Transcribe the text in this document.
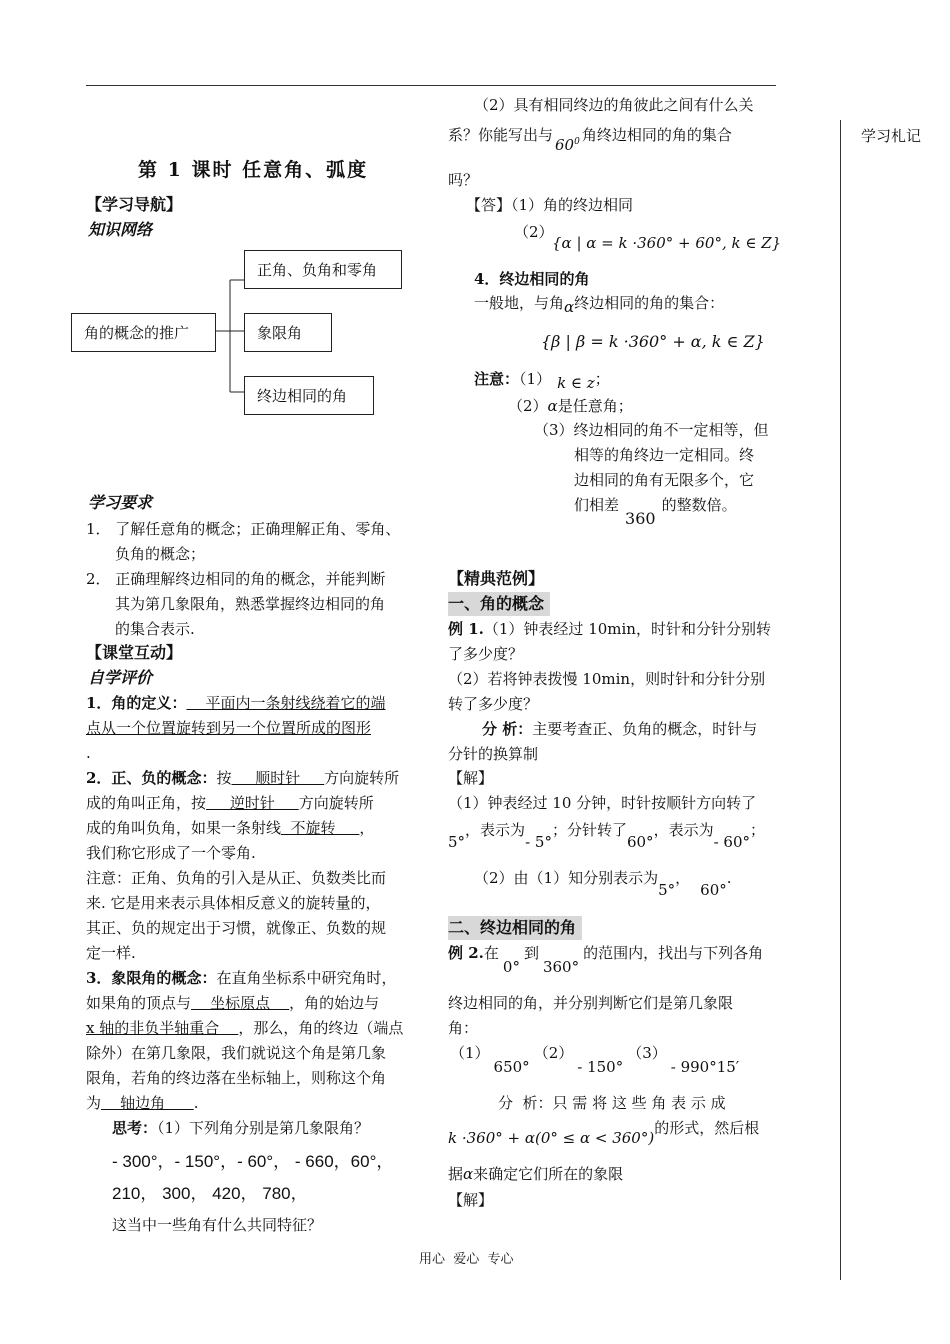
学习札记
第 1 课时 任意角、弧度
【学习导航】
知识网络
角的概念的推广
正角、负角和零角
象限角
终边相同的角
学习要求
1． 了解任意角的概念；正确理解正角、零角、
负角的概念；
2． 正确理解终边相同的角的概念，并能判断
其为第几象限角，熟悉掌握终边相同的角
的集合表示.
【课堂互动】
自学评价
1．角的定义：    平面内一条射线绕着它的端
点从一个位置旋转到另一个位置所成的图形
.
2．正、负的概念：按     顺时针     方向旋转所
成的角叫正角，按     逆时针     方向旋转所
成的角叫负角，如果一条射线  不旋转     ，
我们称它形成了一个零角.
注意：正角、负角的引入是从正、负数类比而
来. 它是用来表示具体相反意义的旋转量的，
其正、负的规定出于习惯，就像正、负数的规
定一样.
3．象限角的概念：在直角坐标系中研究角时，
如果角的顶点与    坐标原点    ，角的始边与
x 轴的非负半轴重合    ，那么，角的终边（端点
除外）在第几象限，我们就说这个角是第几象
限角，若角的终边落在坐标轴上，则称这个角
为    轴边角      .
思考：（1）下列角分别是第几象限角？
- 300°，- 150°，- 60°， - 660，60°，
210， 300， 420， 780，
这当中一些角有什么共同特征？
用心  爱心  专心
（2）具有相同终边的角彼此之间有什么关
系？你能写出与$60^0$ 角终边相同的角的集合
吗？
【答】（1）角的终边相同
（2）
{α | α = k ·360° + 60°, k ∈ Z}
4．终边相同的角
一般地，与角α终边相同的角的集合：
{β | β = k ·360° + α, k ∈ Z}
注意：（1） k ∈ z；
（2）α是任意角；
（3）终边相同的角不一定相等，但
相等的角终边一定相同。终
边相同的角有无限多个，它
们相差360的整数倍。
【精典范例】
一、角的概念
例 1.（1）钟表经过 10min，时针和分针分别转
了多少度？
（2）若将钟表拨慢 10min，则时针和分针分别
转了多少度？
分 析：主要考查正、负角的概念，时针与
分针的换算制
【解】
（1）钟表经过 10 分钟，时针按顺针方向转了
5°，表示为- 5°；分针转了60°，表示为- 60°；
（2）由（1）知分别表示为5°，60°.
二、终边相同的角
例 2.在0°到360°的范围内，找出与下列各角
终边相同的角，并分别判断它们是第几象限
角：
（1）650°（2）- 150°（3）- 990°15′
分  析：只 需 将 这 些 角 表 示 成
k ·360° + α(0° ≤ α < 360°)的形式，然后根
据α来确定它们所在的象限
【解】
